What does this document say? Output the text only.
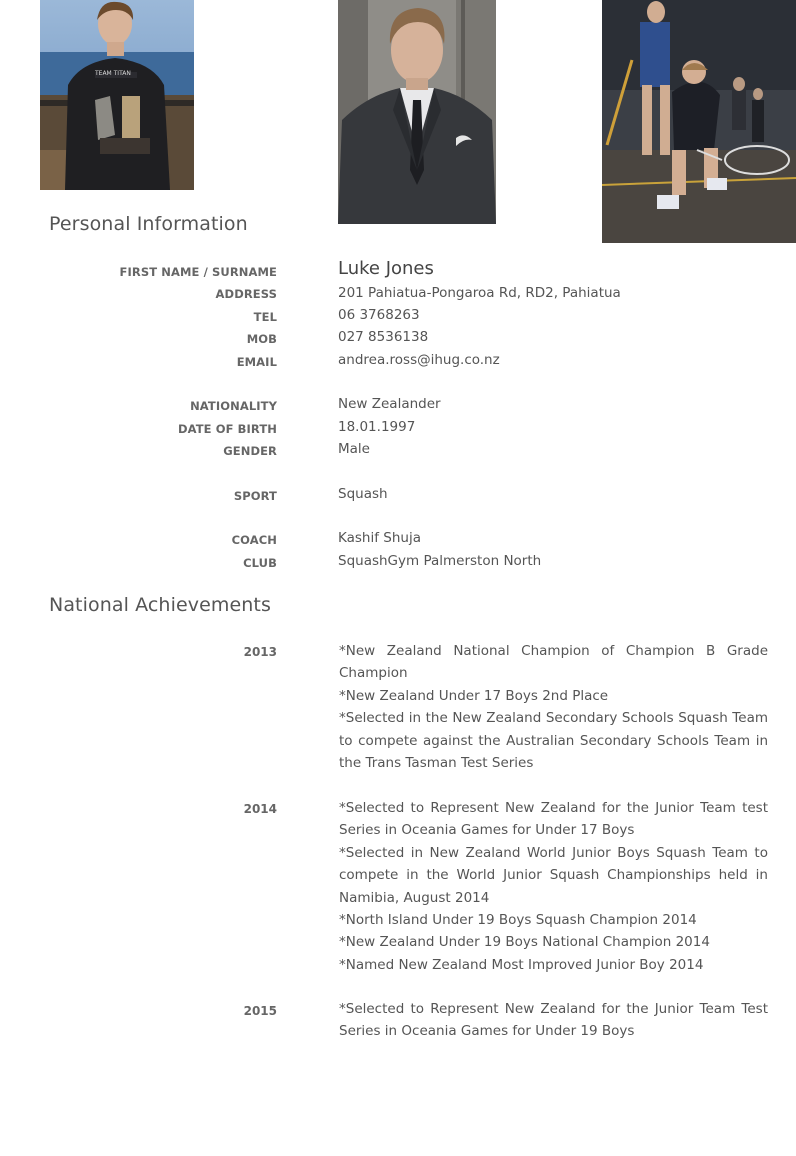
TEAM TITAN
Personal Information
FIRST NAME / SURNAME	Luke Jones
ADDRESS	201 Pahiatua-Pongaroa Rd, RD2, Pahiatua
TEL	06 3768263
MOB	027 8536138
EMAIL	andrea.ross@ihug.co.nz
NATIONALITY	New Zealander
DATE OF BIRTH	18.01.1997
GENDER	Male
SPORT	Squash
COACH	Kashif Shuja
CLUB	SquashGym Palmerston North
National Achievements
2013	*New Zealand National Champion of Champion B Grade Champion
*New Zealand Under 17 Boys 2nd Place
*Selected in the New Zealand Secondary Schools Squash Team to compete against the Australian Secondary Schools Team in the Trans Tasman Test Series
2014	*Selected to Represent New Zealand for the Junior Team test Series in Oceania Games for Under 17 Boys
*Selected in New Zealand World Junior Boys Squash Team to compete in the World Junior Squash Championships held in Namibia, August 2014
*North Island Under 19 Boys Squash Champion 2014
*New Zealand Under 19 Boys National Champion 2014
*Named New Zealand Most Improved Junior Boy 2014
2015	*Selected to Represent New Zealand for the Junior Team Test Series in Oceania Games for Under 19 Boys
